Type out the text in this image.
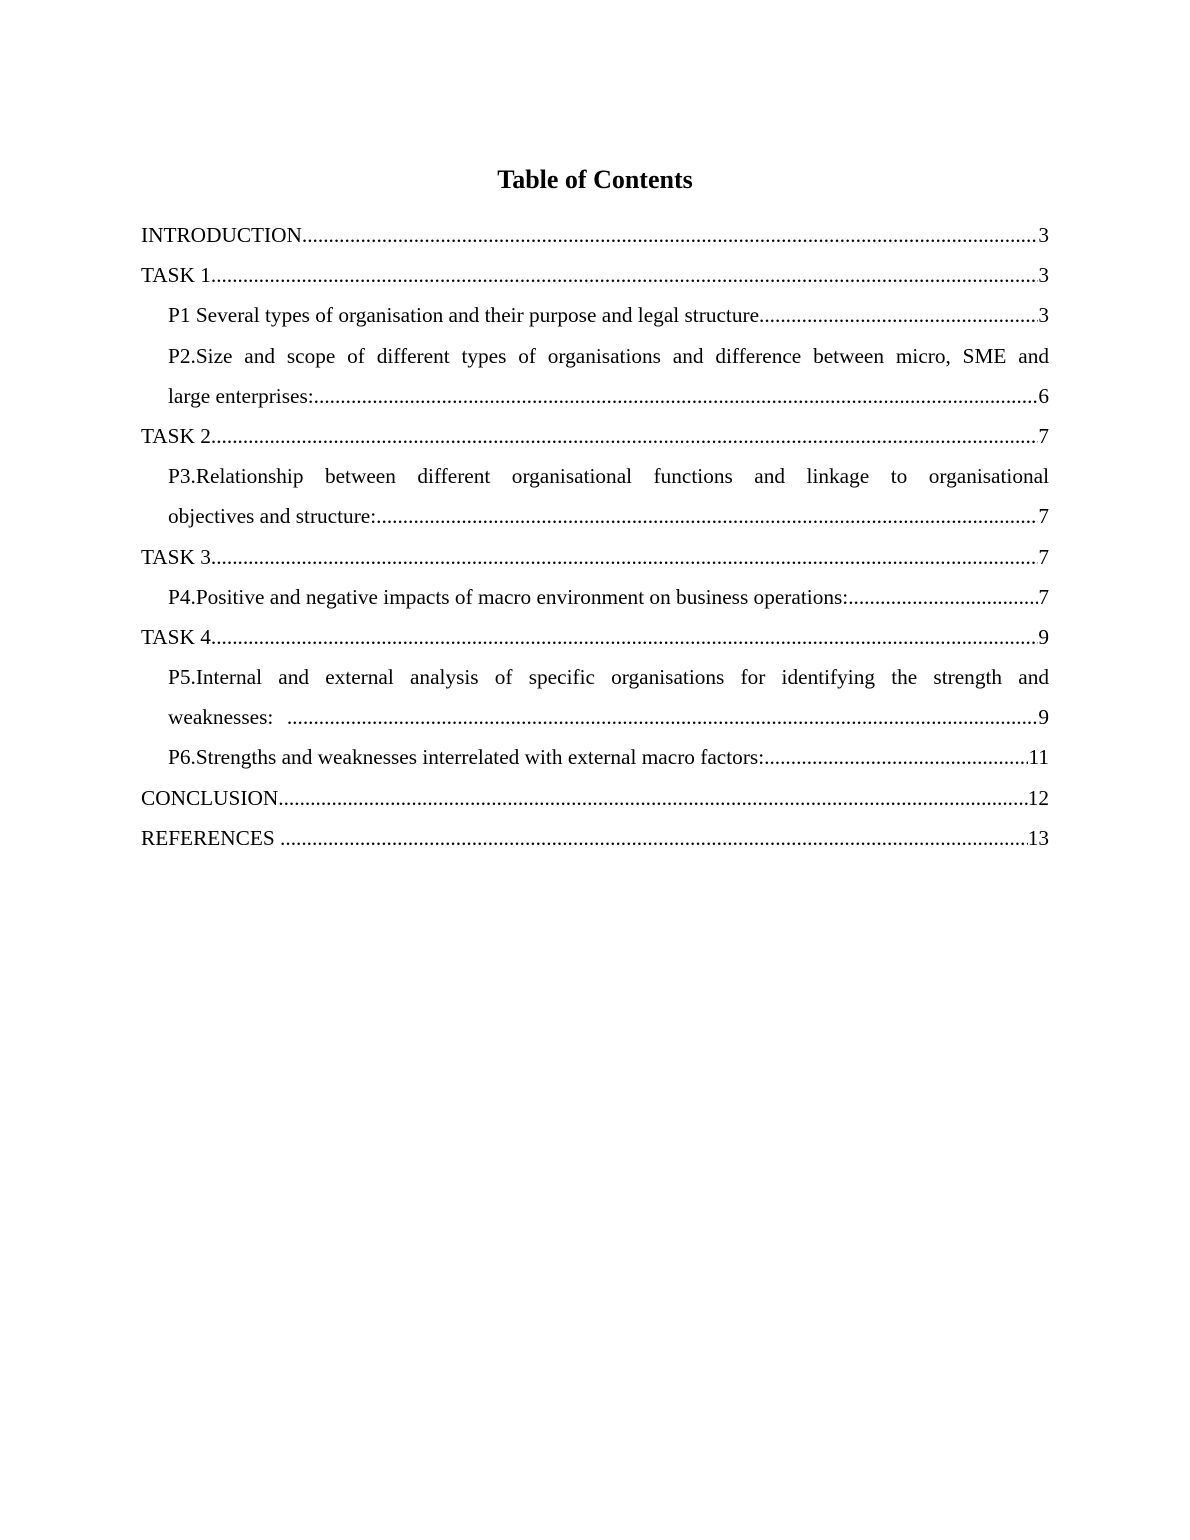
Table of Contents
INTRODUCTION .....	3
TASK 1 .....	3
P1 Several types of organisation and their purpose and legal structure .....	3
P2.Size and scope of different types of organisations and difference between micro, SME and
large enterprises: .....	6
TASK 2 .....	7
P3.Relationship between different organisational functions and linkage to organisational
objectives and structure: .....	7
TASK 3 .....	7
P4.Positive and negative impacts of macro environment on business operations: .....	7
TASK 4 .....	9
P5.Internal and external analysis of specific organisations for identifying the strength and
weaknesses: .....	9
P6.Strengths and weaknesses interrelated with external macro factors: .....	11
CONCLUSION .....	12
REFERENCES .....	13
